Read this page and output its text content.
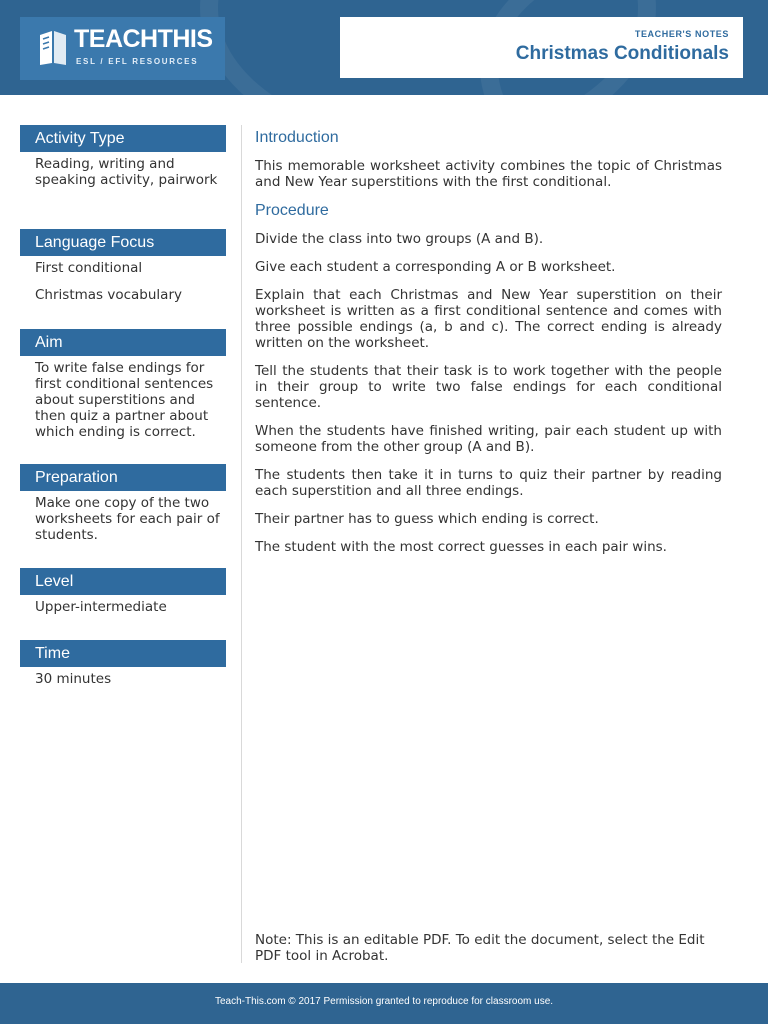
TEACHTHIS
ESL / EFL RESOURCES
TEACHER'S NOTES
Christmas Conditionals
Activity Type

Reading, writing and speaking activity, pairwork

Language Focus

First conditional

Christmas vocabulary

Aim

To write false endings for first conditional sentences about superstitions and then quiz a partner about which ending is correct.

Preparation

Make one copy of the two worksheets for each pair of students.

Level

Upper-intermediate

Time

30 minutes

Introduction

This memorable worksheet activity combines the topic of Christmas and New Year superstitions with the first conditional.

Procedure

Divide the class into two groups (A and B).

Give each student a corresponding A or B worksheet.

Explain that each Christmas and New Year superstition on their worksheet is written as a first conditional sentence and comes with three possible endings (a, b and c). The correct ending is already written on the worksheet.

Tell the students that their task is to work together with the people in their group to write two false endings for each conditional sentence.

When the students have finished writing, pair each student up with someone from the other group (A and B).

The students then take it in turns to quiz their partner by reading each superstition and all three endings.

Their partner has to guess which ending is correct.

The student with the most correct guesses in each pair wins.

Note: This is an editable PDF. To edit the document, select the Edit PDF tool in Acrobat.
Teach-This.com © 2017 Permission granted to reproduce for classroom use.
